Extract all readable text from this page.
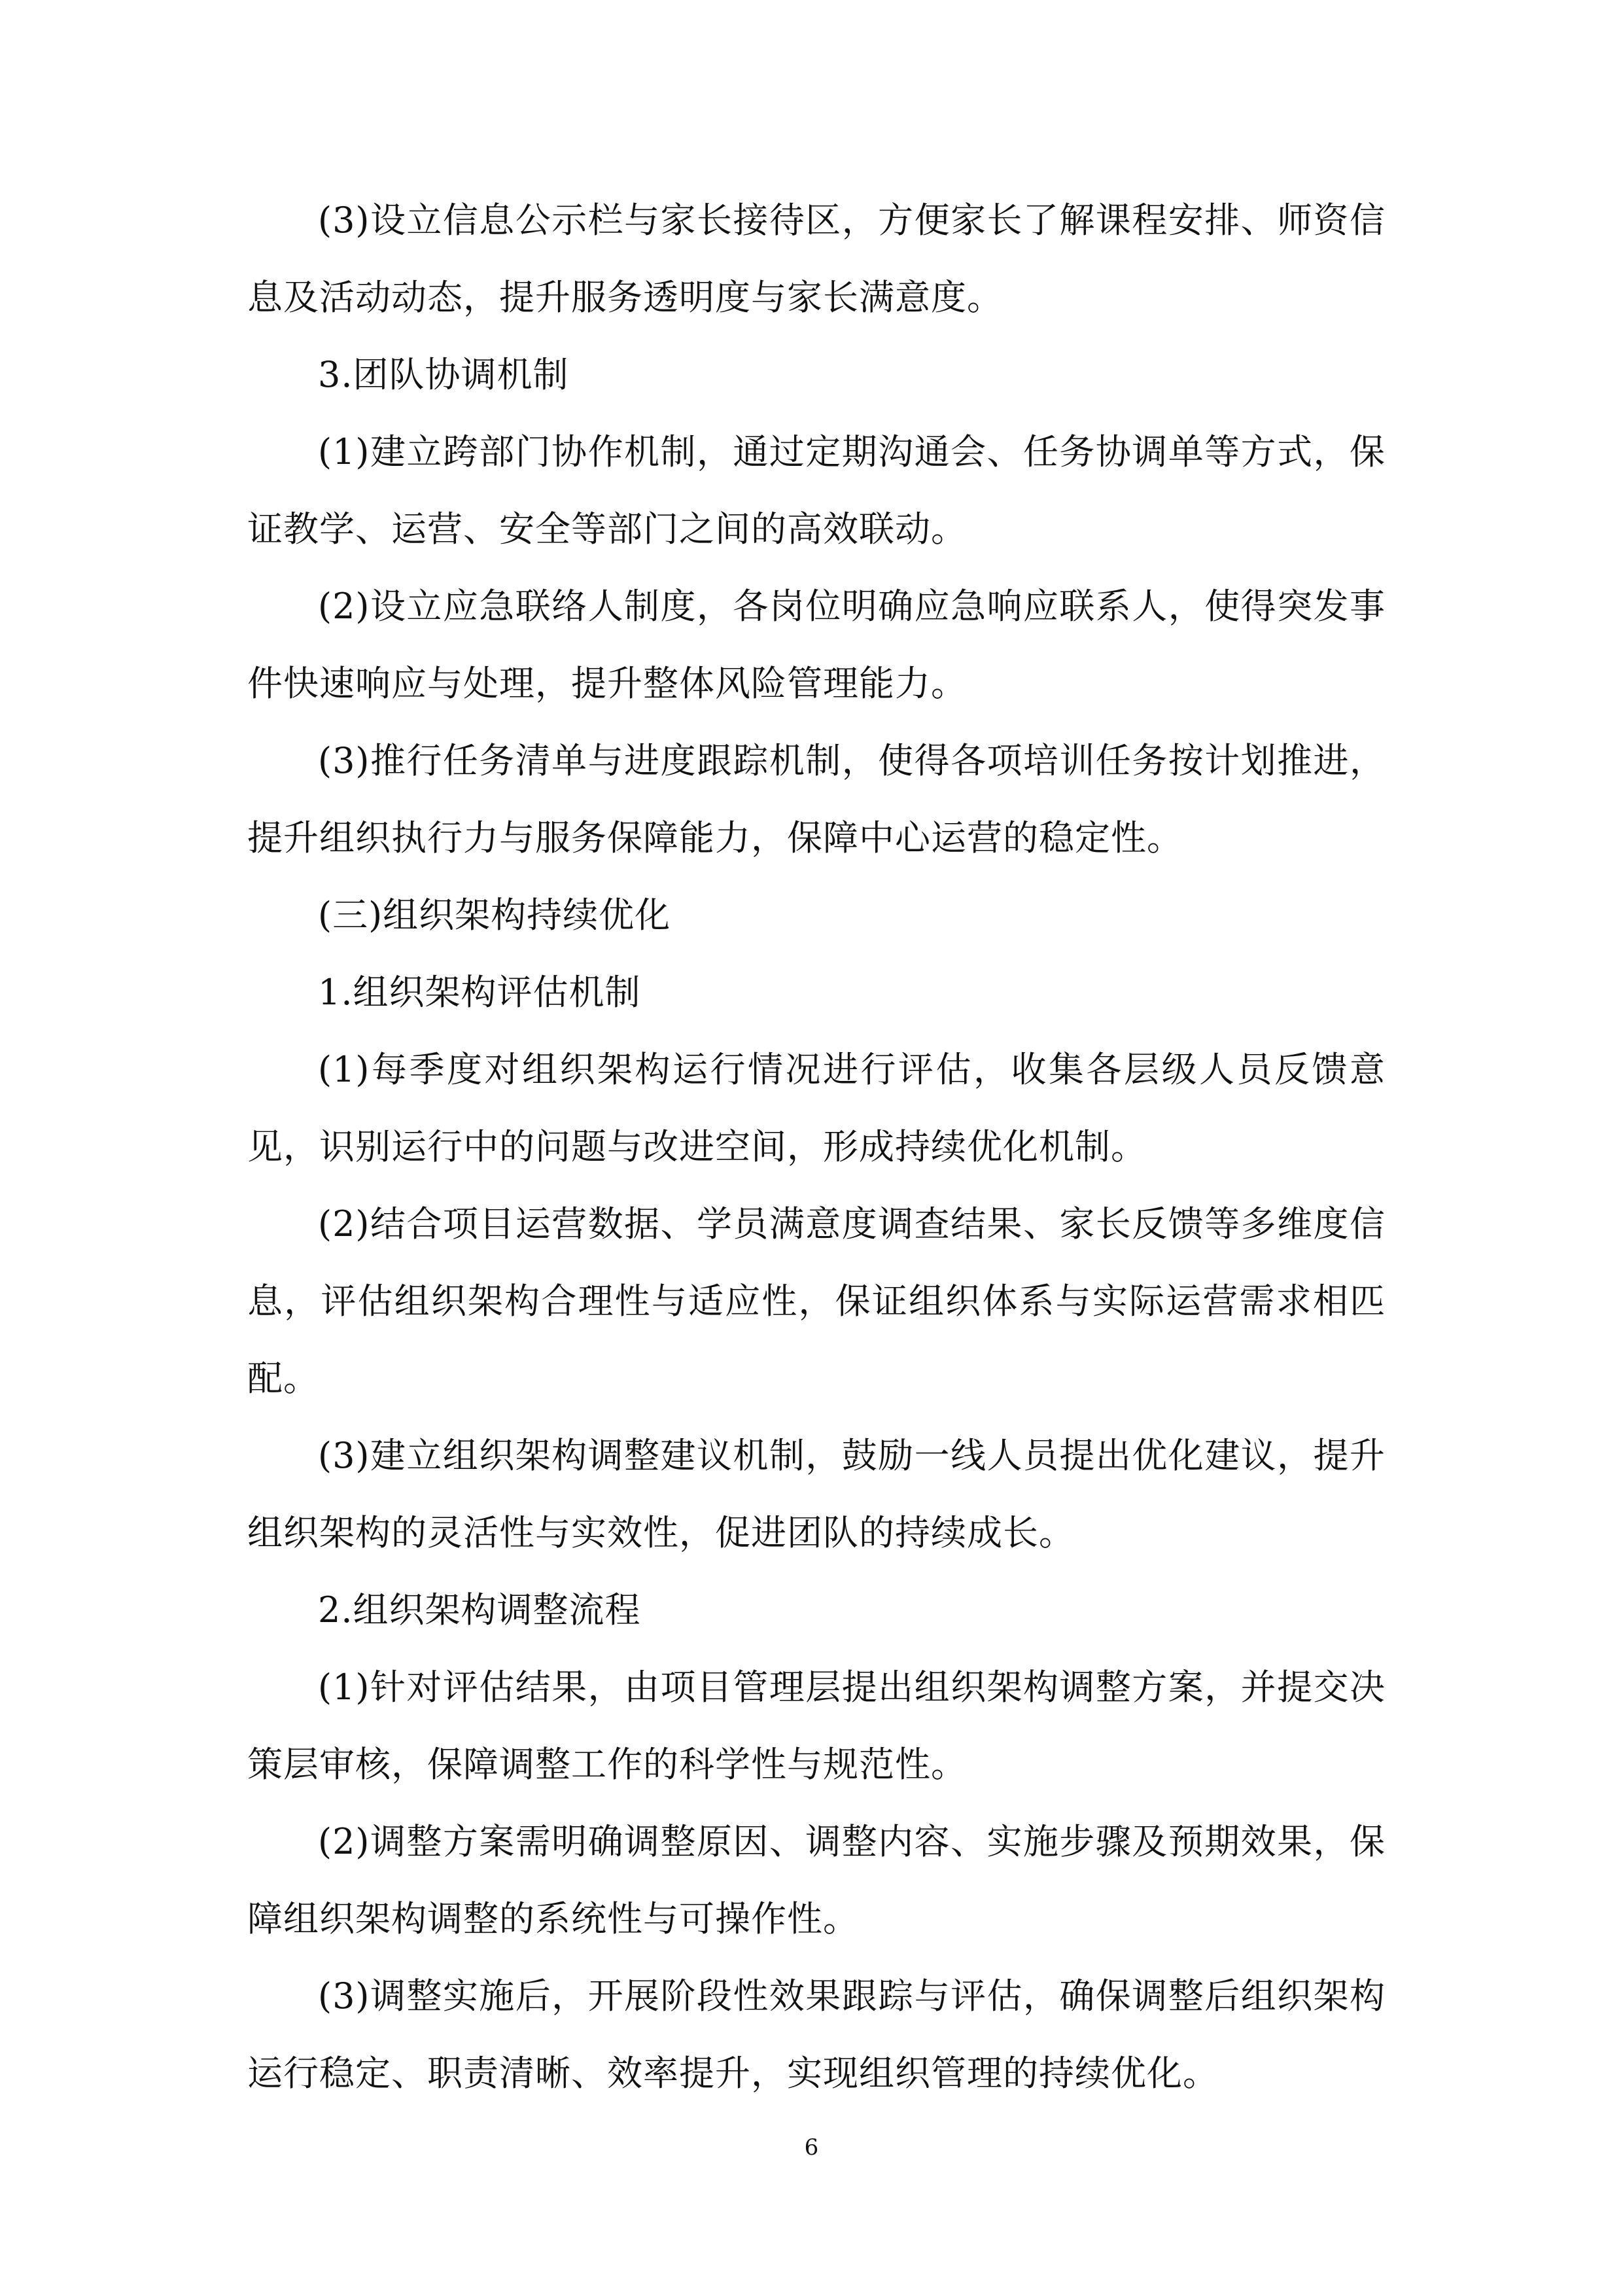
(3)设立信息公示栏与家长接待区，方便家长了解课程安排、师资信息及活动动态，提升服务透明度与家长满意度。

3.团队协调机制

(1)建立跨部门协作机制，通过定期沟通会、任务协调单等方式，保证教学、运营、安全等部门之间的高效联动。

(2)设立应急联络人制度，各岗位明确应急响应联系人，使得突发事件快速响应与处理，提升整体风险管理能力。

(3)推行任务清单与进度跟踪机制，使得各项培训任务按计划推进，提升组织执行力与服务保障能力，保障中心运营的稳定性。

(三)组织架构持续优化

1.组织架构评估机制

(1)每季度对组织架构运行情况进行评估，收集各层级人员反馈意见，识别运行中的问题与改进空间，形成持续优化机制。

(2)结合项目运营数据、学员满意度调查结果、家长反馈等多维度信息，评估组织架构合理性与适应性，保证组织体系与实际运营需求相匹配。

(3)建立组织架构调整建议机制，鼓励一线人员提出优化建议，提升组织架构的灵活性与实效性，促进团队的持续成长。

2.组织架构调整流程

(1)针对评估结果，由项目管理层提出组织架构调整方案，并提交决策层审核，保障调整工作的科学性与规范性。

(2)调整方案需明确调整原因、调整内容、实施步骤及预期效果，保障组织架构调整的系统性与可操作性。

(3)调整实施后，开展阶段性效果跟踪与评估，确保调整后组织架构运行稳定、职责清晰、效率提升，实现组织管理的持续优化。

6
